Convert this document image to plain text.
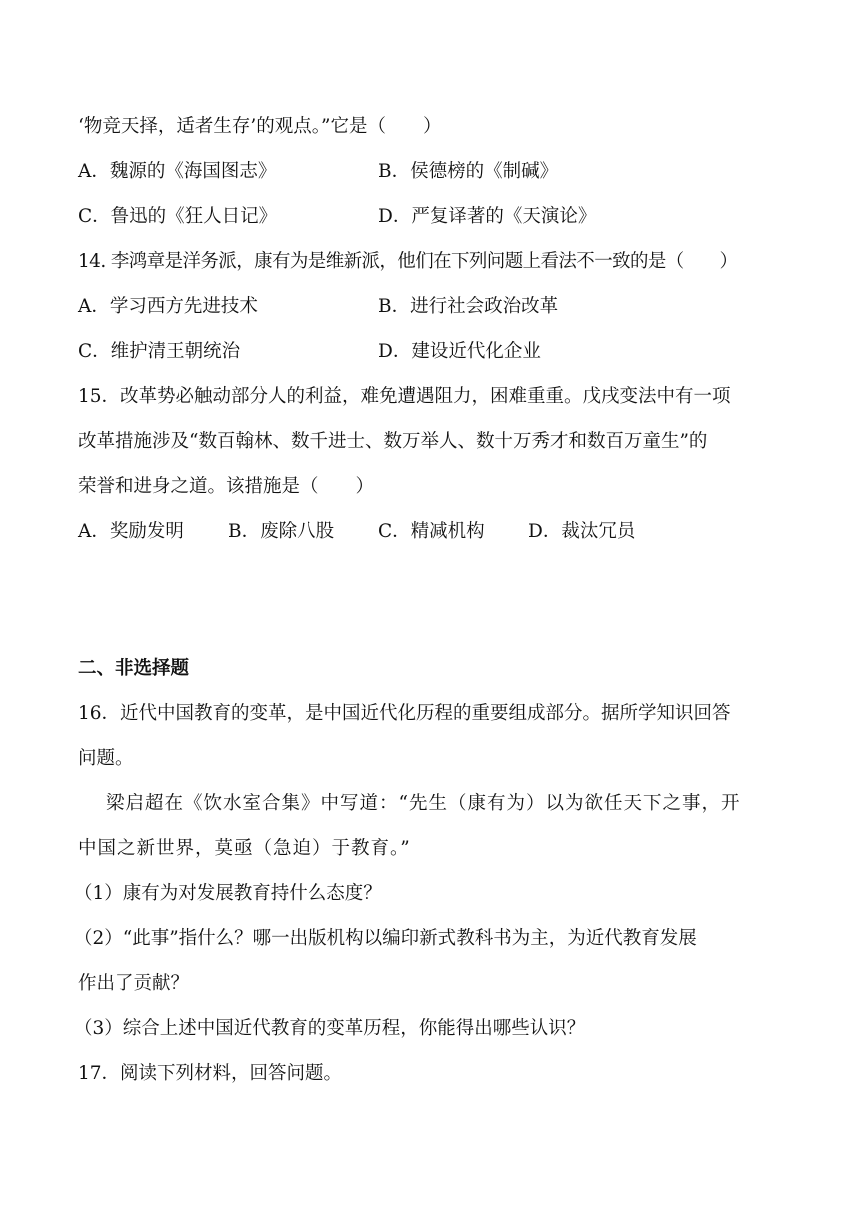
‘物竞天择，适者生存’的观点。”它是（　　）
A．魏源的《海国图志》	B．侯德榜的《制碱》
C．鲁迅的《狂人日记》	D．严复译著的《天演论》
14. 李鸿章是洋务派，康有为是维新派，他们在下列问题上看法不一致的是（　　）
A．学习西方先进技术	B．进行社会政治改革
C．维护清王朝统治	D．建设近代化企业
15．改革势必触动部分人的利益，难免遭遇阻力，困难重重。戊戌变法中有一项
改革措施涉及“数百翰林、数千进士、数万举人、数十万秀才和数百万童生”的
荣誉和进身之道。该措施是（　　）
A．奖励发明 B．废除八股 C．精减机构 D．裁汰冗员
二、非选择题
16．近代中国教育的变革，是中国近代化历程的重要组成部分。据所学知识回答
问题。
梁启超在《饮水室合集》中写道：“先生（康有为）以为欲任天下之事，开
中国之新世界，莫亟（急迫）于教育。”
（1）康有为对发展教育持什么态度？
（2）“此事”指什么？哪一出版机构以编印新式教科书为主，为近代教育发展
作出了贡献？
（3）综合上述中国近代教育的变革历程，你能得出哪些认识？
17．阅读下列材料，回答问题。
